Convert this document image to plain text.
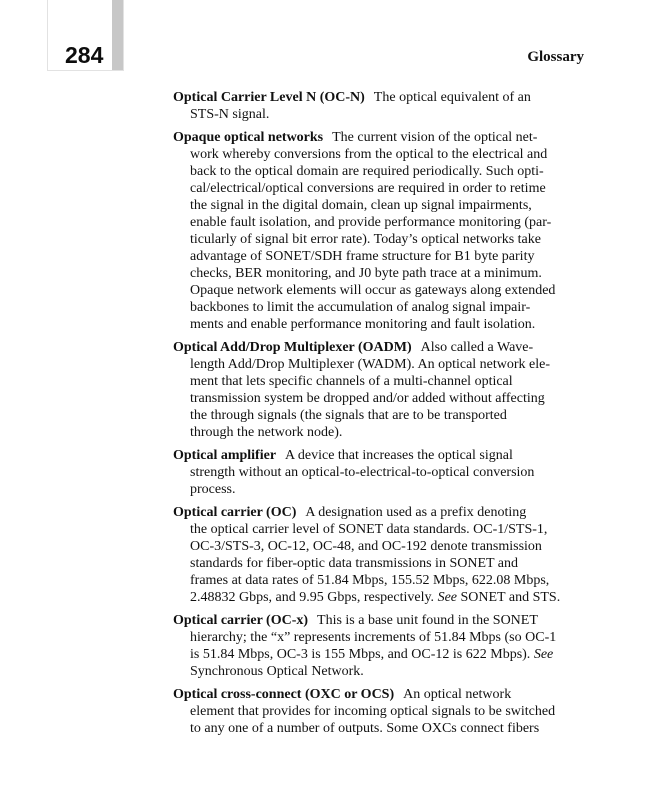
284	Glossary
Optical Carrier Level N (OC-N) The optical equivalent of an
STS-N signal.
Opaque optical networks The current vision of the optical net-
work whereby conversions from the optical to the electrical and
back to the optical domain are required periodically. Such opti-
cal/electrical/optical conversions are required in order to retime
the signal in the digital domain, clean up signal impairments,
enable fault isolation, and provide performance monitoring (par-
ticularly of signal bit error rate). Today’s optical networks take
advantage of SONET/SDH frame structure for B1 byte parity
checks, BER monitoring, and J0 byte path trace at a minimum.
Opaque network elements will occur as gateways along extended
backbones to limit the accumulation of analog signal impair-
ments and enable performance monitoring and fault isolation.
Optical Add/Drop Multiplexer (OADM) Also called a Wave-
length Add/Drop Multiplexer (WADM). An optical network ele-
ment that lets specific channels of a multi-channel optical
transmission system be dropped and/or added without affecting
the through signals (the signals that are to be transported
through the network node).
Optical amplifier A device that increases the optical signal
strength without an optical-to-electrical-to-optical conversion
process.
Optical carrier (OC) A designation used as a prefix denoting
the optical carrier level of SONET data standards. OC-1/STS-1,
OC-3/STS-3, OC-12, OC-48, and OC-192 denote transmission
standards for fiber-optic data transmissions in SONET and
frames at data rates of 51.84 Mbps, 155.52 Mbps, 622.08 Mbps,
2.48832 Gbps, and 9.95 Gbps, respectively. See SONET and STS.
Optical carrier (OC-x) This is a base unit found in the SONET
hierarchy; the “x” represents increments of 51.84 Mbps (so OC-1
is 51.84 Mbps, OC-3 is 155 Mbps, and OC-12 is 622 Mbps). See
Synchronous Optical Network.
Optical cross-connect (OXC or OCS) An optical network
element that provides for incoming optical signals to be switched
to any one of a number of outputs. Some OXCs connect fibers
